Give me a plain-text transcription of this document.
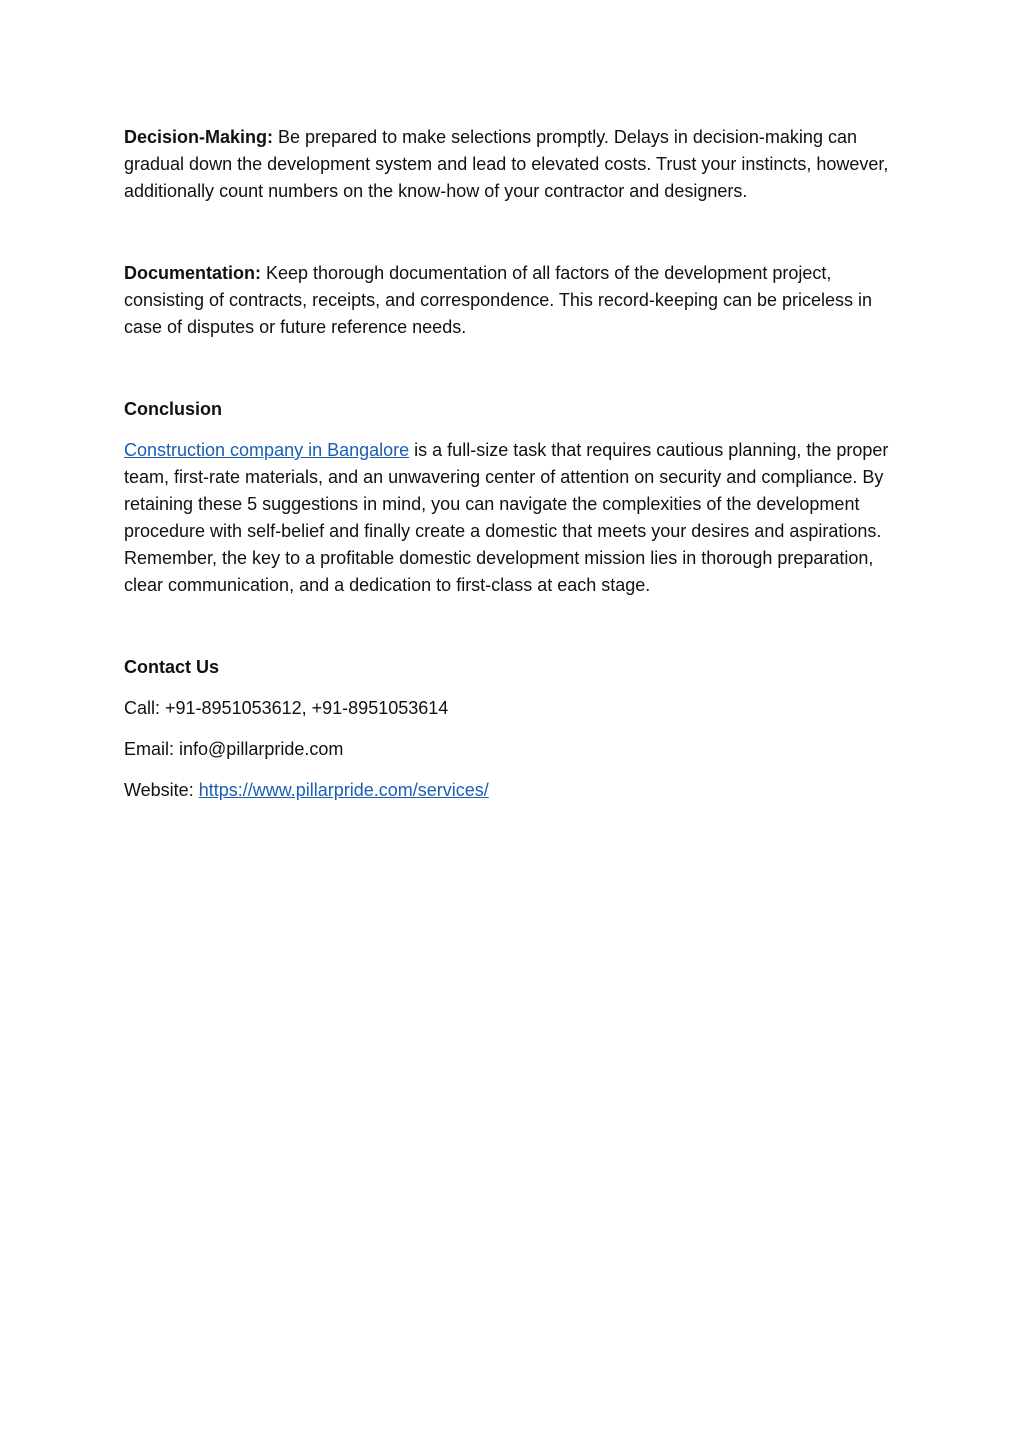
Decision-Making: Be prepared to make selections promptly. Delays in decision-making can gradual down the development system and lead to elevated costs. Trust your instincts, however, additionally count numbers on the know-how of your contractor and designers.

Documentation: Keep thorough documentation of all factors of the development project, consisting of contracts, receipts, and correspondence. This record-keeping can be priceless in case of disputes or future reference needs.

Conclusion

Construction company in Bangalore is a full-size task that requires cautious planning, the proper team, first-rate materials, and an unwavering center of attention on security and compliance. By retaining these 5 suggestions in mind, you can navigate the complexities of the development procedure with self-belief and finally create a domestic that meets your desires and aspirations. Remember, the key to a profitable domestic development mission lies in thorough preparation, clear communication, and a dedication to first-class at each stage.

Contact Us

Call: +91-8951053612, +91-8951053614

Email: info@pillarpride.com

Website: https://www.pillarpride.com/services/
